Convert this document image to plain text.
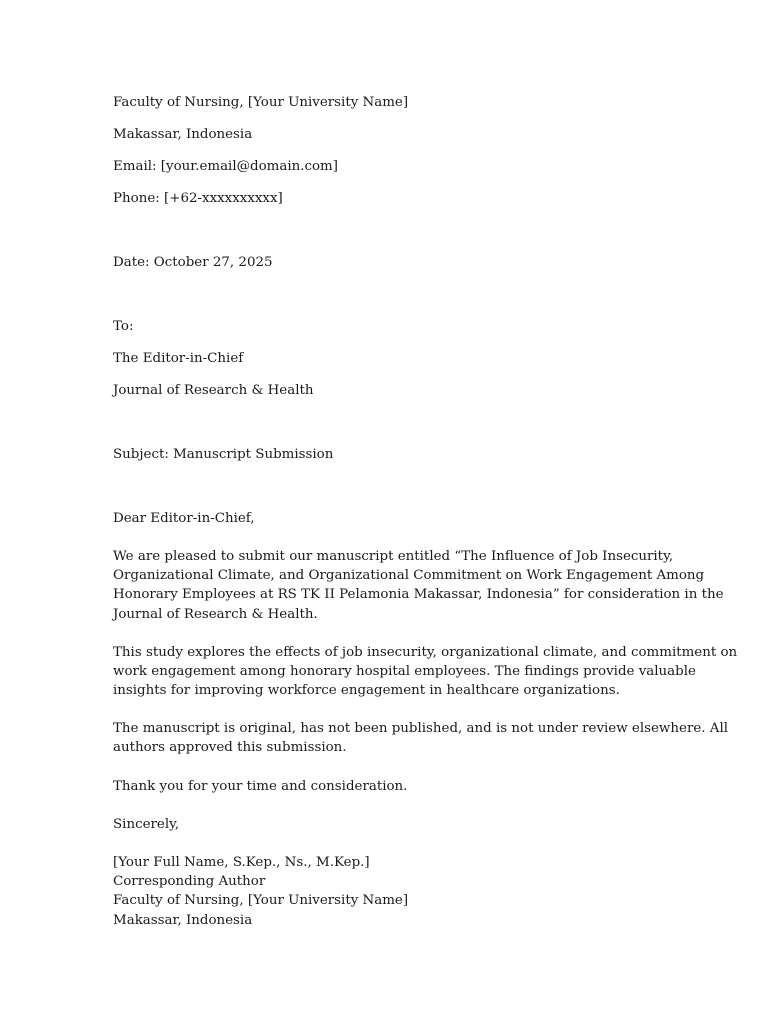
Faculty of Nursing, [Your University Name]
Makassar, Indonesia
Email: [your.email@domain.com]
Phone: [+62-xxxxxxxxxx]
Date: October 27, 2025
To:
The Editor-in-Chief
Journal of Research & Health
Subject: Manuscript Submission
Dear Editor-in-Chief,
We are pleased to submit our manuscript entitled “The Influence of Job Insecurity,
Organizational Climate, and Organizational Commitment on Work Engagement Among
Honorary Employees at RS TK II Pelamonia Makassar, Indonesia” for consideration in the
Journal of Research & Health.
This study explores the effects of job insecurity, organizational climate, and commitment on
work engagement among honorary hospital employees. The findings provide valuable
insights for improving workforce engagement in healthcare organizations.
The manuscript is original, has not been published, and is not under review elsewhere. All
authors approved this submission.
Thank you for your time and consideration.
Sincerely,
[Your Full Name, S.Kep., Ns., M.Kep.]
Corresponding Author
Faculty of Nursing, [Your University Name]
Makassar, Indonesia
